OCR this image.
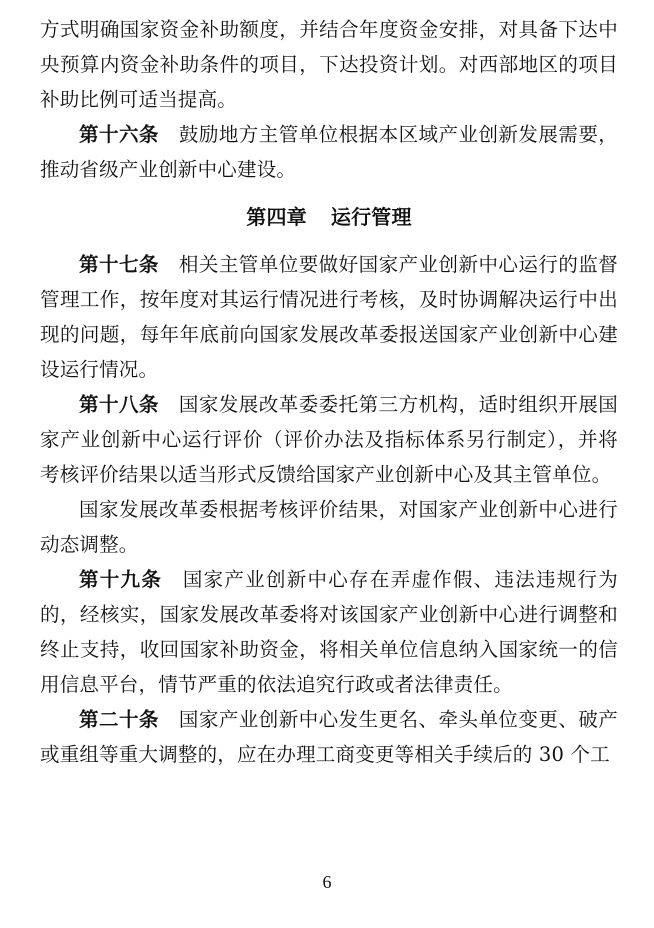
方式明确国家资金补助额度，并结合年度资金安排，对具备下达中央预算内资金补助条件的项目，下达投资计划。对西部地区的项目补助比例可适当提高。

第十六条　 鼓励地方主管单位根据本区域产业创新发展需要，推动省级产业创新中心建设。

第四章 运行管理

第十七条　 相关主管单位要做好国家产业创新中心运行的监督管理工作，按年度对其运行情况进行考核，及时协调解决运行中出现的问题，每年年底前向国家发展改革委报送国家产业创新中心建设运行情况。

第十八条　 国家发展改革委委托第三方机构，适时组织开展国家产业创新中心运行评价（评价办法及指标体系另行制定），并将考核评价结果以适当形式反馈给国家产业创新中心及其主管单位。

国家发展改革委根据考核评价结果，对国家产业创新中心进行动态调整。

第十九条　 国家产业创新中心存在弄虚作假、违法违规行为的，经核实，国家发展改革委将对该国家产业创新中心进行调整和终止支持，收回国家补助资金，将相关单位信息纳入国家统一的信用信息平台，情节严重的依法追究行政或者法律责任。

第二十条　 国家产业创新中心发生更名、牵头单位变更、破产或重组等重大调整的，应在办理工商变更等相关手续后的 30 个工

6
